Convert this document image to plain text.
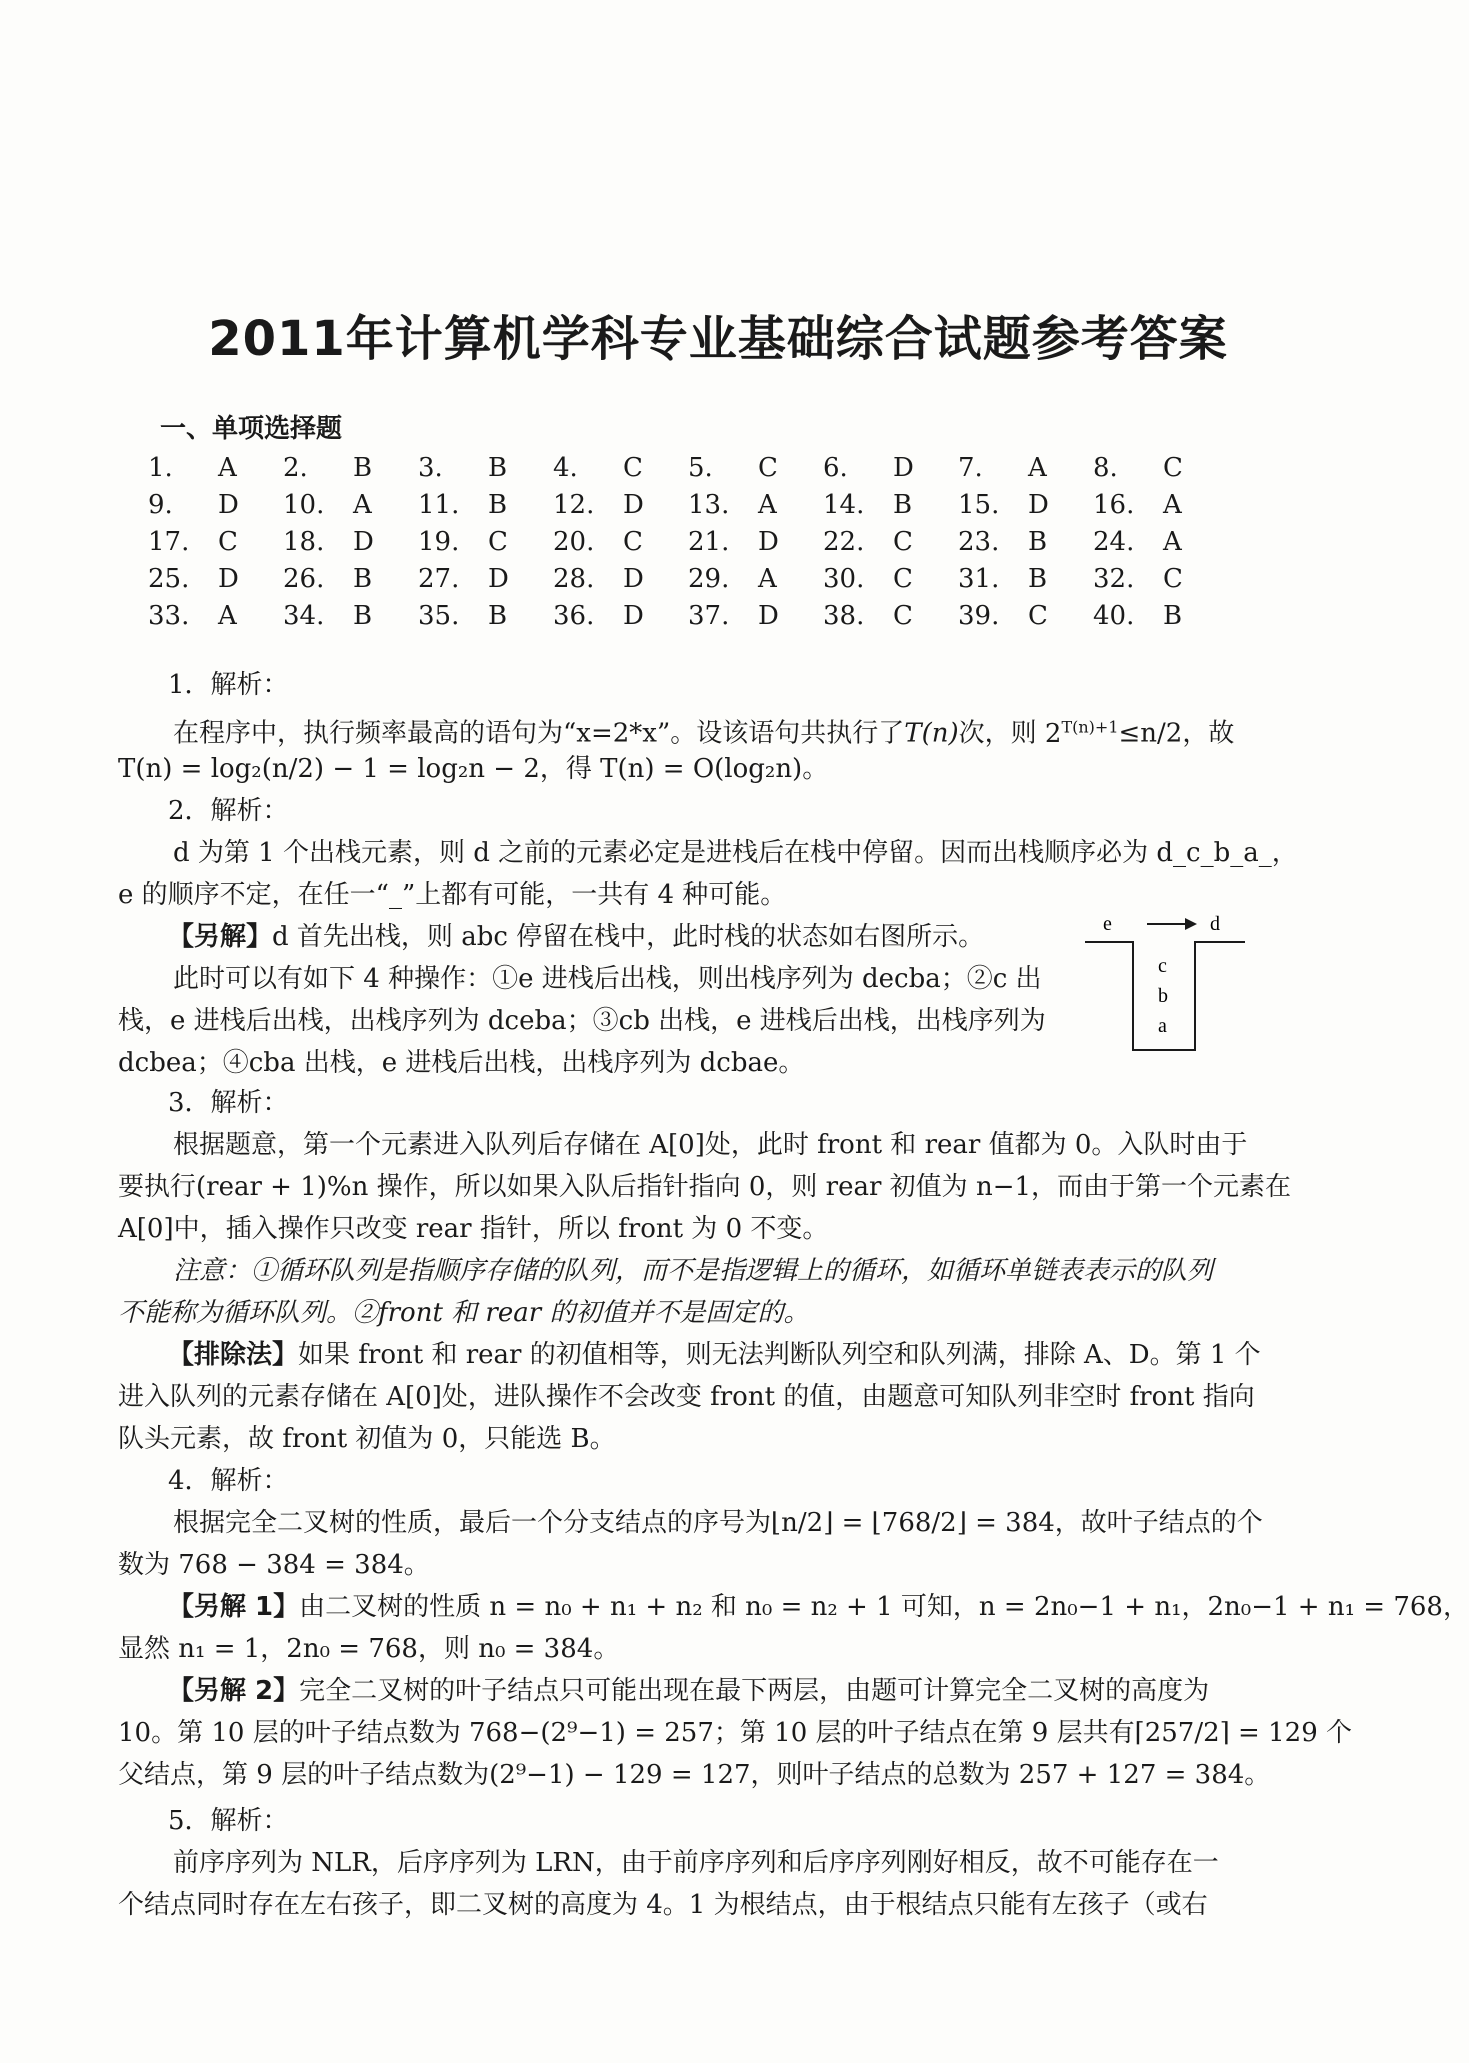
2011年计算机学科专业基础综合试题参考答案
一、单项选择题
1.	A	2.	B	3.	B	4.	C	5.	C	6.	D	7.	A	8.	C
9.	D	10.	A	11.	B	12.	D	13.	A	14.	B	15.	D	16.	A
17.	C	18.	D	19.	C	20.	C	21.	D	22.	C	23.	B	24.	A
25.	D	26.	B	27.	D	28.	D	29.	A	30.	C	31.	B	32.	C
33.	A	34.	B	35.	B	36.	D	37.	D	38.	C	39.	C	40.	B
1．解析：
在程序中，执行频率最高的语句为“x=2*x”。设该语句共执行了T(n)次，则 $2^{T(n)+1}\le n/2$，故
T(n) = log₂(n/2) − 1 = log₂n − 2，得 T(n) = O(log₂n)。
2．解析：
d 为第 1 个出栈元素，则 d 之前的元素必定是进栈后在栈中停留。因而出栈顺序必为 d_c_b_a_，
e 的顺序不定，在任一“_”上都有可能，一共有 4 种可能。
【另解】d 首先出栈，则 abc 停留在栈中，此时栈的状态如右图所示。
此时可以有如下 4 种操作：①e 进栈后出栈，则出栈序列为 decba；②c 出
栈，e 进栈后出栈，出栈序列为 dceba；③cb 出栈，e 进栈后出栈，出栈序列为
dcbea；④cba 出栈，e 进栈后出栈，出栈序列为 dcbae。
e	d
c
b
a
3．解析：
根据题意，第一个元素进入队列后存储在 A[0]处，此时 front 和 rear 值都为 0。入队时由于
要执行(rear + 1)%n 操作，所以如果入队后指针指向 0，则 rear 初值为 n−1，而由于第一个元素在
A[0]中，插入操作只改变 rear 指针，所以 front 为 0 不变。
注意：①循环队列是指顺序存储的队列，而不是指逻辑上的循环，如循环单链表表示的队列
不能称为循环队列。②front 和 rear 的初值并不是固定的。
【排除法】如果 front 和 rear 的初值相等，则无法判断队列空和队列满，排除 A、D。第 1 个
进入队列的元素存储在 A[0]处，进队操作不会改变 front 的值，由题意可知队列非空时 front 指向
队头元素，故 front 初值为 0，只能选 B。
4．解析：
根据完全二叉树的性质，最后一个分支结点的序号为⌊n/2⌋ = ⌊768/2⌋ = 384，故叶子结点的个
数为 768 − 384 = 384。
【另解 1】由二叉树的性质 n = n₀ + n₁ + n₂ 和 n₀ = n₂ + 1 可知，n = 2n₀−1 + n₁，2n₀−1 + n₁ = 768，
显然 n₁ = 1，2n₀ = 768，则 n₀ = 384。
【另解 2】完全二叉树的叶子结点只可能出现在最下两层，由题可计算完全二叉树的高度为
10。第 10 层的叶子结点数为 768−(2⁹−1) = 257；第 10 层的叶子结点在第 9 层共有⌈257/2⌉ = 129 个
父结点，第 9 层的叶子结点数为(2⁹−1) − 129 = 127，则叶子结点的总数为 257 + 127 = 384。
5．解析：
前序序列为 NLR，后序序列为 LRN，由于前序序列和后序序列刚好相反，故不可能存在一
个结点同时存在左右孩子，即二叉树的高度为 4。1 为根结点，由于根结点只能有左孩子（或右
